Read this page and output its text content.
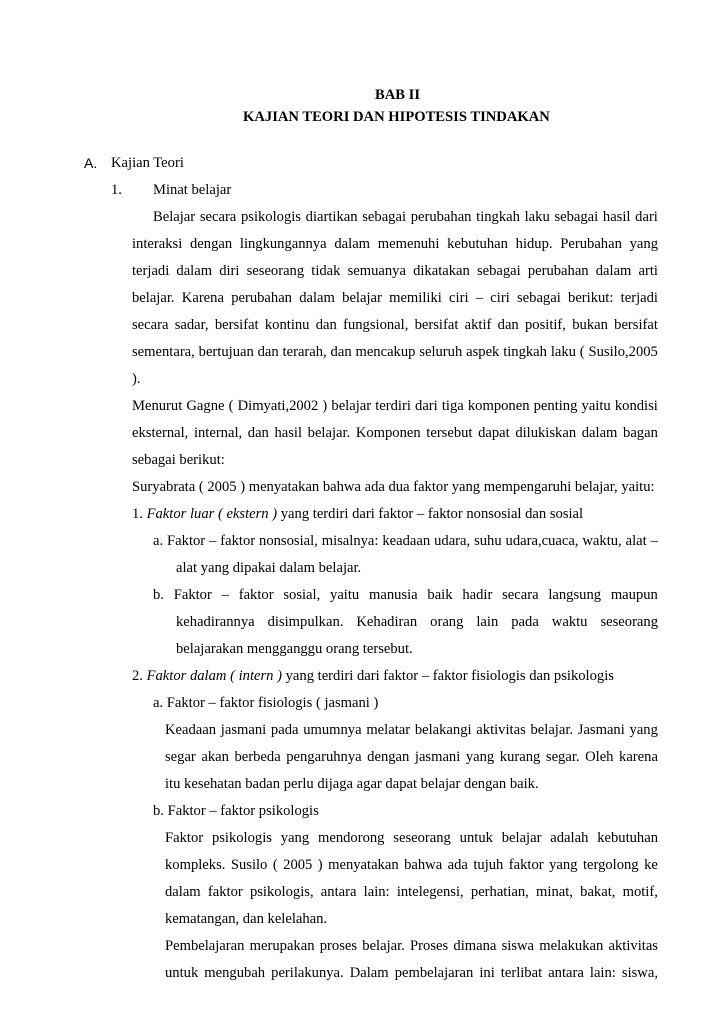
BAB II
KAJIAN TEORI DAN HIPOTESIS TINDAKAN
A. Kajian Teori
1. Minat belajar
Belajar secara psikologis diartikan sebagai perubahan tingkah laku sebagai hasil dari
interaksi dengan lingkungannya dalam memenuhi kebutuhan hidup. Perubahan yang
terjadi dalam diri seseorang tidak semuanya dikatakan sebagai perubahan dalam arti
belajar. Karena perubahan dalam belajar memiliki ciri – ciri sebagai berikut: terjadi
secara sadar, bersifat kontinu dan fungsional, bersifat aktif dan positif, bukan bersifat
sementara, bertujuan dan terarah, dan mencakup seluruh aspek tingkah laku ( Susilo,2005
).
Menurut Gagne ( Dimyati,2002 ) belajar terdiri dari tiga komponen penting yaitu kondisi
eksternal, internal, dan hasil belajar. Komponen tersebut dapat dilukiskan dalam bagan
sebagai berikut:
Suryabrata ( 2005 ) menyatakan bahwa ada dua faktor yang mempengaruhi belajar, yaitu:
1. Faktor luar ( ekstern ) yang terdiri dari faktor – faktor nonsosial dan sosial
a. Faktor – faktor nonsosial, misalnya: keadaan udara, suhu udara,cuaca, waktu, alat –
alat yang dipakai dalam belajar.
b. Faktor – faktor sosial, yaitu manusia baik hadir secara langsung maupun
kehadirannya disimpulkan. Kehadiran orang lain pada waktu seseorang
belajarakan mengganggu orang tersebut.
2. Faktor dalam ( intern ) yang terdiri dari faktor – faktor fisiologis dan psikologis
a. Faktor – faktor fisiologis ( jasmani )
Keadaan jasmani pada umumnya melatar belakangi aktivitas belajar. Jasmani yang
segar akan berbeda pengaruhnya dengan jasmani yang kurang segar. Oleh karena
itu kesehatan badan perlu dijaga agar dapat belajar dengan baik.
b. Faktor – faktor psikologis
Faktor psikologis yang mendorong seseorang untuk belajar adalah kebutuhan
kompleks. Susilo ( 2005 ) menyatakan bahwa ada tujuh faktor yang tergolong ke
dalam faktor psikologis, antara lain: intelegensi, perhatian, minat, bakat, motif,
kematangan, dan kelelahan.
Pembelajaran merupakan proses belajar. Proses dimana siswa melakukan aktivitas
untuk mengubah perilakunya. Dalam pembelajaran ini terlibat antara lain: siswa,
